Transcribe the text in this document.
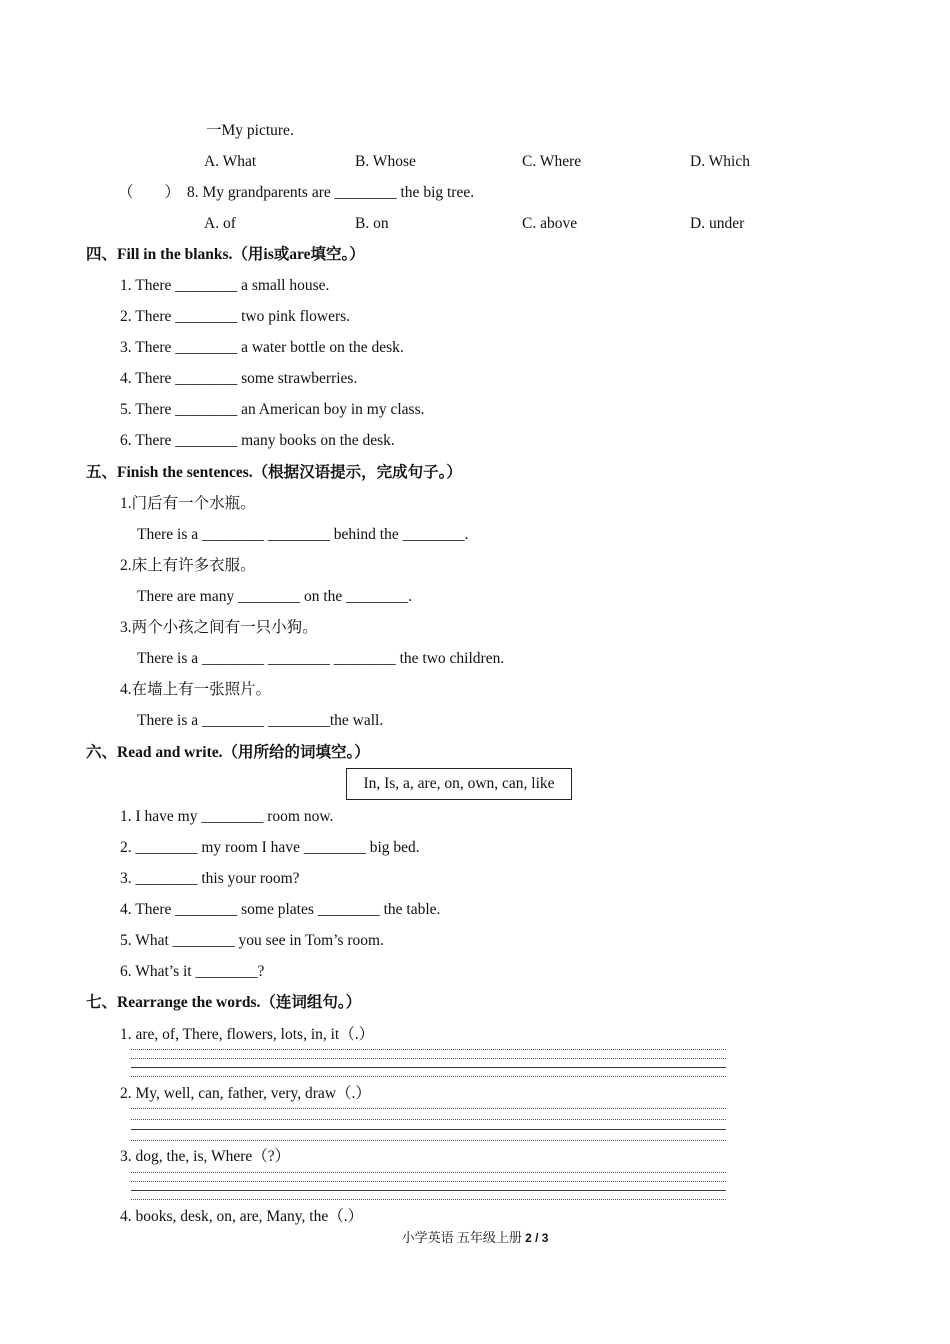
一My picture.
A. What	B. Whose	C. Where	D. Which
（　　） 8. My grandparents are ________ the big tree.
A. of	B. on	C. above	D. under
四、Fill in the blanks.（用is或are填空。）
1. There ________ a small house.
2. There ________ two pink flowers.
3. There ________ a water bottle on the desk.
4. There ________ some strawberries.
5. There ________ an American boy in my class.
6. There ________ many books on the desk.
五、Finish the sentences.（根据汉语提示，完成句子。）
1.门后有一个水瓶。
There is a ________ ________ behind the ________.
2.床上有许多衣服。
There are many ________ on the ________.
3.两个小孩之间有一只小狗。
There is a ________ ________ ________ the two children.
4.在墙上有一张照片。
There is a ________ ________the wall.
六、Read and write.（用所给的词填空。）
In, Is, a, are, on, own, can, like
1. I have my ________ room now.
2. ________ my room I have ________ big bed.
3. ________ this your room?
4. There ________ some plates ________ the table.
5. What ________ you see in Tom’s room.
6. What’s it ________?
七、Rearrange the words.（连词组句。）
1. are, of, There, flowers, lots, in, it（.）
2. My, well, can, father, very, draw（.）
3. dog, the, is, Where（?）
4. books, desk, on, are, Many, the（.）
小学英语 五年级上册 2 / 3
